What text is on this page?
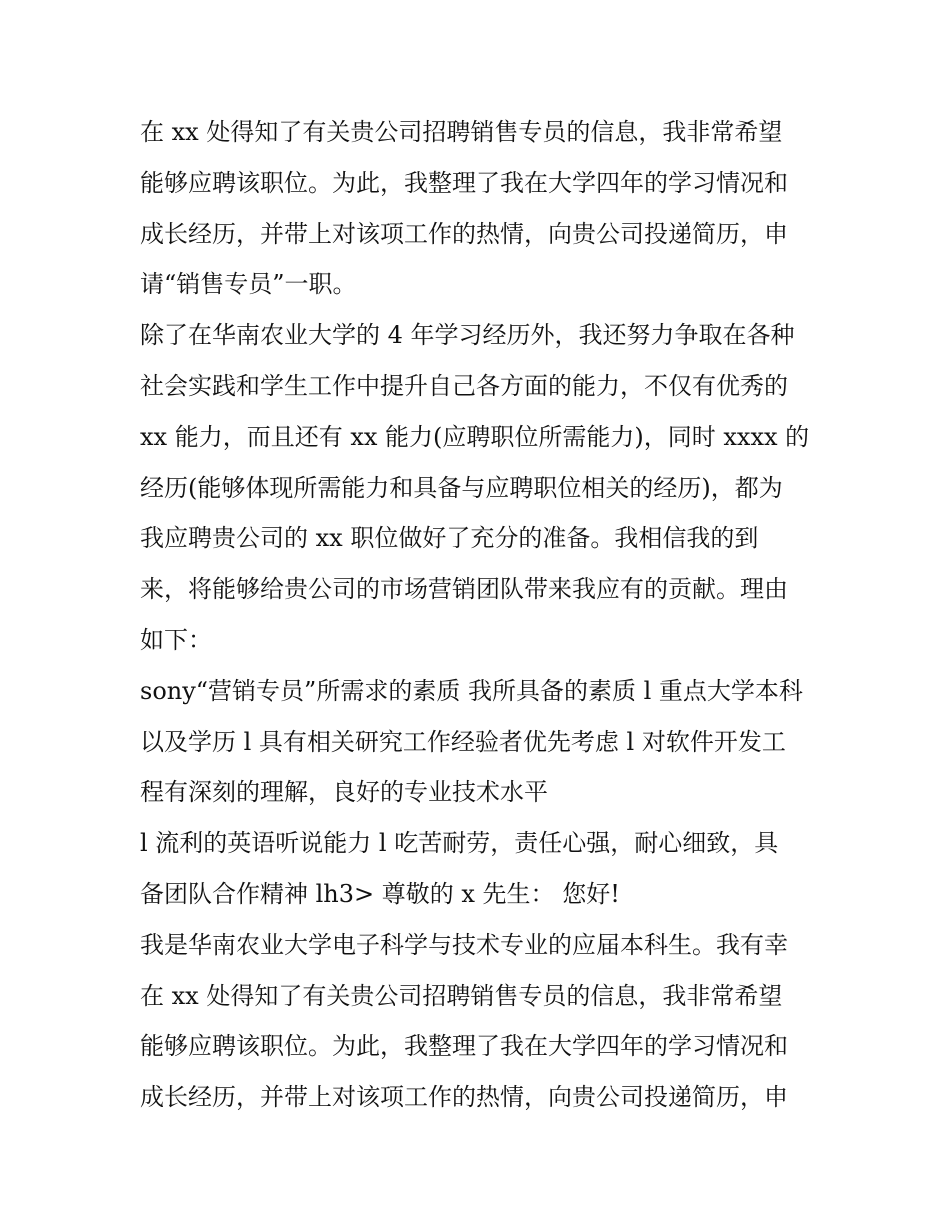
在 xx 处得知了有关贵公司招聘销售专员的信息，我非常希望
能够应聘该职位。为此，我整理了我在大学四年的学习情况和
成长经历，并带上对该项工作的热情，向贵公司投递简历，申
请“销售专员”一职。
除了在华南农业大学的 4 年学习经历外，我还努力争取在各种
社会实践和学生工作中提升自己各方面的能力，不仅有优秀的
xx 能力，而且还有 xx 能力(应聘职位所需能力)，同时 xxxx 的
经历(能够体现所需能力和具备与应聘职位相关的经历)，都为
我应聘贵公司的 xx 职位做好了充分的准备。我相信我的到
来，将能够给贵公司的市场营销团队带来我应有的贡献。理由
如下：
sony“营销专员”所需求的素质 我所具备的素质 l 重点大学本科
以及学历 l 具有相关研究工作经验者优先考虑 l 对软件开发工
程有深刻的理解，良好的专业技术水平
l 流利的英语听说能力 l 吃苦耐劳，责任心强，耐心细致，具
备团队合作精神 lh3> 尊敬的 x 先生： 您好!
我是华南农业大学电子科学与技术专业的应届本科生。我有幸
在 xx 处得知了有关贵公司招聘销售专员的信息，我非常希望
能够应聘该职位。为此，我整理了我在大学四年的学习情况和
成长经历，并带上对该项工作的热情，向贵公司投递简历，申
